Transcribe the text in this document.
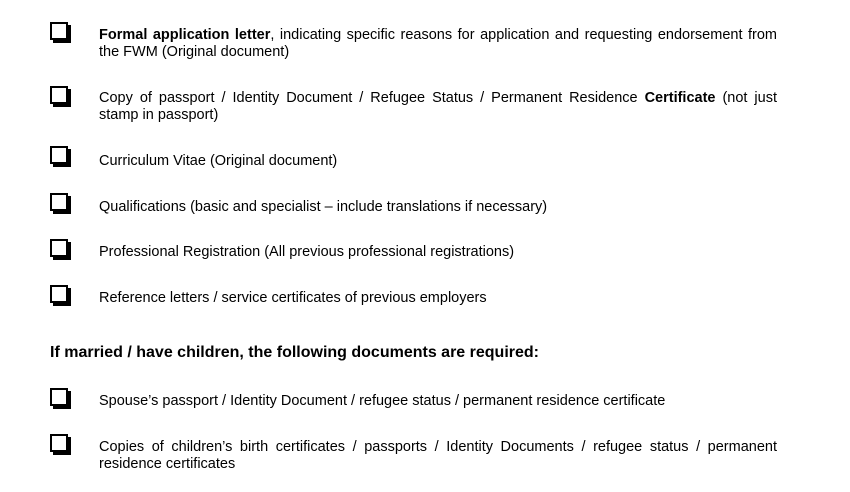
Formal application letter, indicating specific reasons for application and requesting endorsement from the FWM (Original document)
Copy of passport / Identity Document / Refugee Status / Permanent Residence Certificate (not just stamp in passport)
Curriculum Vitae (Original document)
Qualifications (basic and specialist – include translations if necessary)
Professional Registration (All previous professional registrations)
Reference letters / service certificates of previous employers
If married / have children, the following documents are required:
Spouse’s passport / Identity Document / refugee status / permanent residence certificate
Copies of children’s birth certificates / passports / Identity Documents / refugee status / permanent residence certificates
